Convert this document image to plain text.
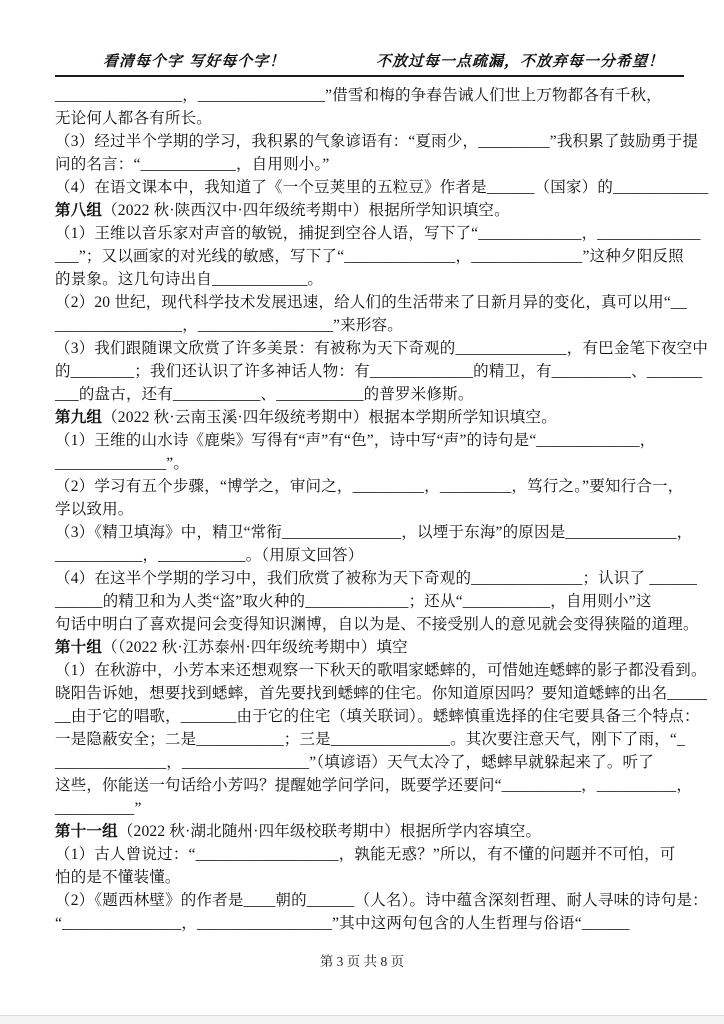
看清每个字 写好每个字！	不放过每一点疏漏，不放弃每一分希望！
________________，________________”借雪和梅的争春告诫人们世上万物都各有千秋，
无论何人都各有所长。
（3）经过半个学期的学习，我积累的气象谚语有：“夏雨少，_________”我积累了鼓励勇于提
问的名言：“____________，自用则小。”
（4）在语文课本中，我知道了《一个豆荚里的五粒豆》作者是______（国家）的____________
第八组（2022 秋·陕西汉中·四年级统考期中）根据所学知识填空。
（1）王维以音乐家对声音的敏锐，捕捉到空谷人语，写下了“_____________，_____________
___”；又以画家的对光线的敏感，写下了“______________，______________”这种夕阳反照
的景象。这几句诗出自____________。
（2）20 世纪，现代科学技术发展迅速，给人们的生活带来了日新月异的变化，真可以用“__
________________，_________________”来形容。
（3）我们跟随课文欣赏了许多美景：有被称为天下奇观的______________，有巴金笔下夜空中
的________；我们还认识了许多神话人物：有_____________的精卫，有__________、_______
___的盘古，还有___________、___________的普罗米修斯。
第九组（2022 秋·云南玉溪·四年级统考期中）根据本学期所学知识填空。
（1）王维的山水诗《鹿柴》写得有“声”有“色”，诗中写“声”的诗句是“_____________，
______________”。
（2）学习有五个步骤，“博学之，审问之，_________，_________，笃行之。”要知行合一，
学以致用。
（3）《精卫填海》中，精卫“常衔_______________，以堙于东海”的原因是______________，
___________，___________。（用原文回答）
（4）在这半个学期的学习中，我们欣赏了被称为天下奇观的______________；认识了 ______
______的精卫和为人类“盗”取火种的_____________；还从“___________，自用则小”这
句话中明白了喜欢提问会变得知识渊博，自以为是、不接受别人的意见就会变得狭隘的道理。
第十组（（2022 秋·江苏泰州·四年级统考期中）填空
（1）在秋游中，小芳本来还想观察一下秋天的歌唱家蟋蟀的，可惜她连蟋蟀的影子都没看到。
晓阳告诉她，想要找到蟋蟀，首先要找到蟋蟀的住宅。你知道原因吗？要知道蟋蟀的出名_____
__由于它的唱歌，_______由于它的住宅（填关联词）。蟋蟀慎重选择的住宅要具备三个特点：
一是隐蔽安全；二是___________；三是_______________。其次要注意天气，刚下了雨，“_
______________，________________”（填谚语）天气太冷了，蟋蟀早就躲起来了。听了
这些，你能送一句话给小芳吗？提醒她学问学问，既要学还要问“__________，__________，
__________”
第十一组（2022 秋·湖北随州·四年级校联考期中）根据所学内容填空。
（1）古人曾说过：“__________________，孰能无惑？”所以，有不懂的问题并不可怕，可
怕的是不懂装懂。
（2）《题西林壁》的作者是____朝的______（人名）。诗中蕴含深刻哲理、耐人寻味的诗句是：
“_______________，_________________”其中这两句包含的人生哲理与俗语“______
第 3 页 共 8 页
